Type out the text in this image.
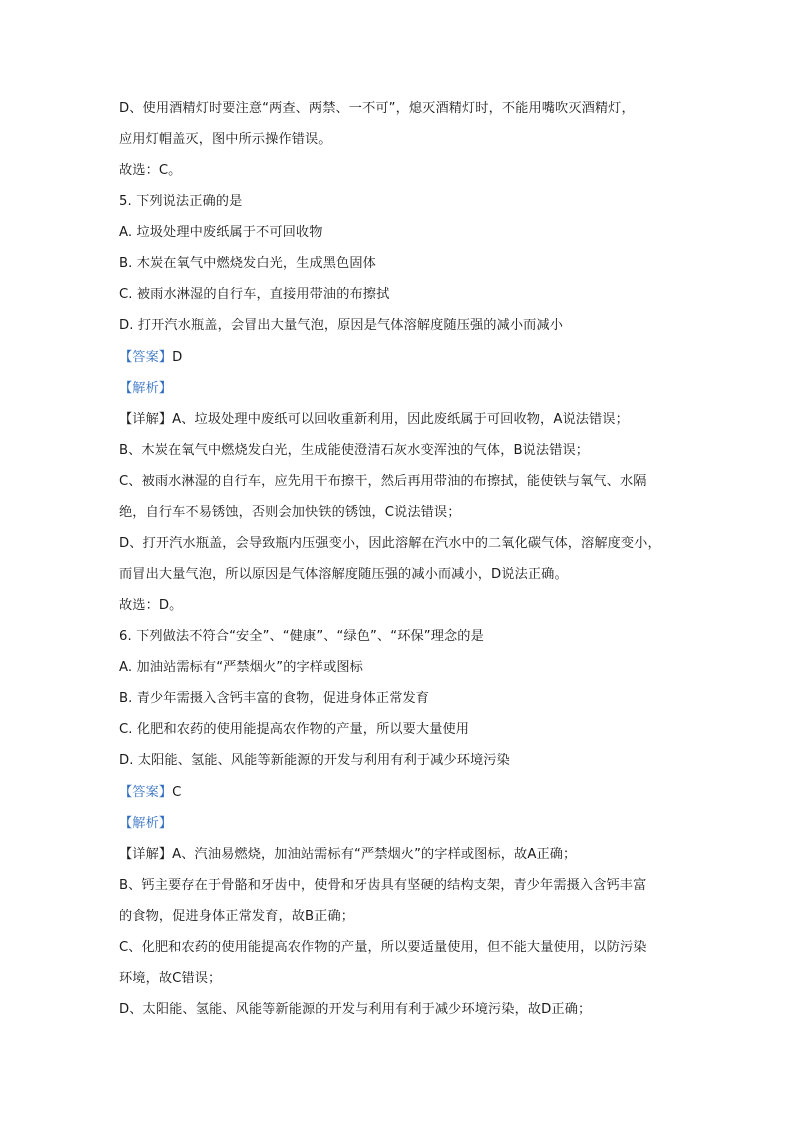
D、使用酒精灯时要注意“两查、两禁、一不可”，熄灭酒精灯时，不能用嘴吹灭酒精灯，
应用灯帽盖灭，图中所示操作错误。
故选：C。
5. 下列说法正确的是
A. 垃圾处理中废纸属于不可回收物
B. 木炭在氧气中燃烧发白光，生成黑色固体
C. 被雨水淋湿的自行车，直接用带油的布擦拭
D. 打开汽水瓶盖，会冒出大量气泡，原因是气体溶解度随压强的减小而减小
【答案】D
【解析】
【详解】A、垃圾处理中废纸可以回收重新利用，因此废纸属于可回收物，A说法错误；
B、木炭在氧气中燃烧发白光，生成能使澄清石灰水变浑浊的气体，B说法错误；
C、被雨水淋湿的自行车，应先用干布擦干，然后再用带油的布擦拭，能使铁与氧气、水隔
绝，自行车不易锈蚀，否则会加快铁的锈蚀，C说法错误；
D、打开汽水瓶盖，会导致瓶内压强变小，因此溶解在汽水中的二氧化碳气体，溶解度变小，
而冒出大量气泡，所以原因是气体溶解度随压强的减小而减小，D说法正确。
故选：D。
6. 下列做法不符合“安全”、“健康”、“绿色”、“环保”理念的是
A. 加油站需标有“严禁烟火”的字样或图标
B. 青少年需摄入含钙丰富的食物，促进身体正常发育
C. 化肥和农药的使用能提高农作物的产量，所以要大量使用
D. 太阳能、氢能、风能等新能源的开发与利用有利于减少环境污染
【答案】C
【解析】
【详解】A、汽油易燃烧，加油站需标有“严禁烟火”的字样或图标，故A正确；
B、钙主要存在于骨骼和牙齿中，使骨和牙齿具有坚硬的结构支架，青少年需摄入含钙丰富
的食物，促进身体正常发育，故B正确；
C、化肥和农药的使用能提高农作物的产量，所以要适量使用，但不能大量使用，以防污染
环境，故C错误；
D、太阳能、氢能、风能等新能源的开发与利用有利于减少环境污染，故D正确；
